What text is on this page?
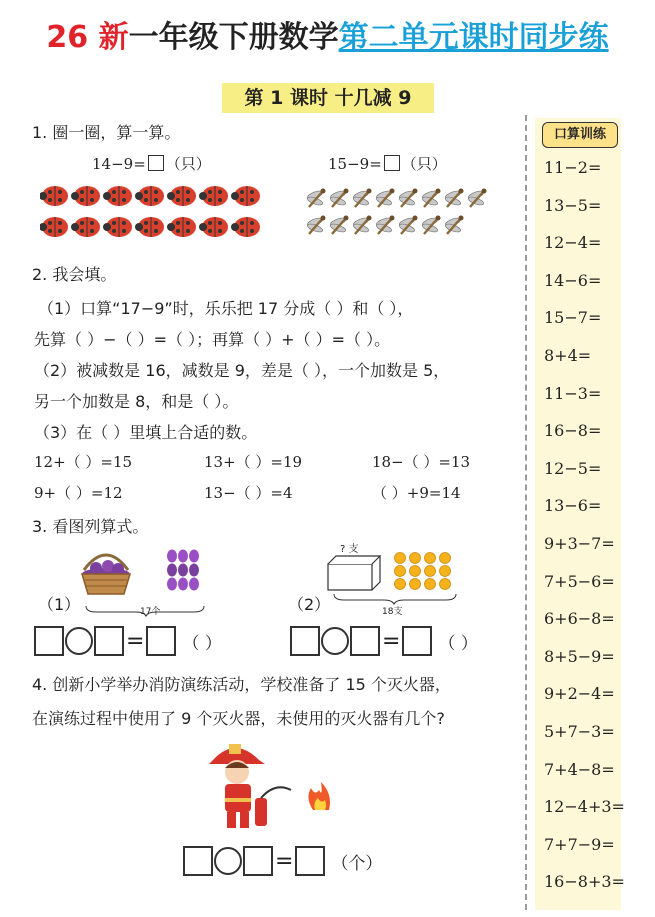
26 新一年级下册数学第二单元课时同步练
第 1 课时 十几减 9
口算训练
11−2=
13−5=
12−4=
14−6=
15−7=
8+4=
11−3=
16−8=
12−5=
13−6=
9+3−7=
7+5−6=
6+6−8=
8+5−9=
9+2−4=
5+7−3=
7+4−8=
12−4+3=
7+7−9=
16−8+3=
1. 圈一圈，算一算。
14−9= （只）	15−9= （只）
2. 我会填。
（1）口算“17−9”时，乐乐把 17 分成（ ）和（ ），
先算（ ）−（ ）=（ ）；再算（ ）+（ ）=（ ）。
（2）被减数是 16，减数是 9，差是（ ），一个加数是 5，
另一个加数是 8，和是（ ）。
（3）在（ ）里填上合适的数。
12+（ ）=15	13+（ ）=19	18−（ ）=13
9+（ ）=12	13−（ ）=4	（ ）+9=14
3. 看图列算式。
（1）	17个
? 支
（2）	18支
= （ ）	= （ ）
4. 创新小学举办消防演练活动，学校准备了 15 个灭火器，
在演练过程中使用了 9 个灭火器，未使用的灭火器有几个?
= （个）
